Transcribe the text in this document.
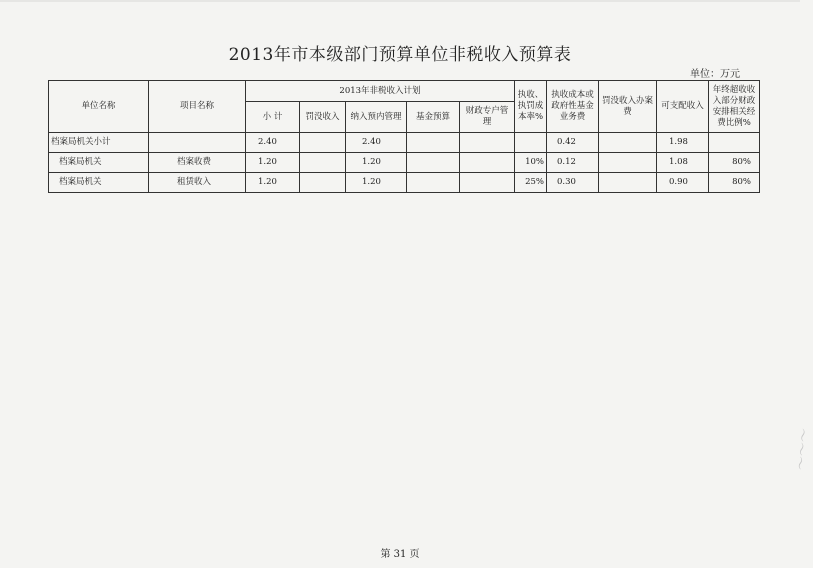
2013年市本级部门预算单位非税收入预算表
单位：万元
单位名称	项目名称	2013年非税收入计划					执收、执罚成本率%	执收成本或政府性基金业务费	罚没收入办案费	可支配收入	年终超收收入部分财政安排相关经费比例%
		小 计	罚没收入	纳入预内管理	基金预算	财政专户管理					
档案局机关小计		2.40		2.40				0.42		1.98	
档案局机关	档案收费	1.20		1.20			10%	0.12		1.08	80%
档案局机关	租赁收入	1.20		1.20			25%	0.30		0.90	80%
〜〜〜
第 31 页
